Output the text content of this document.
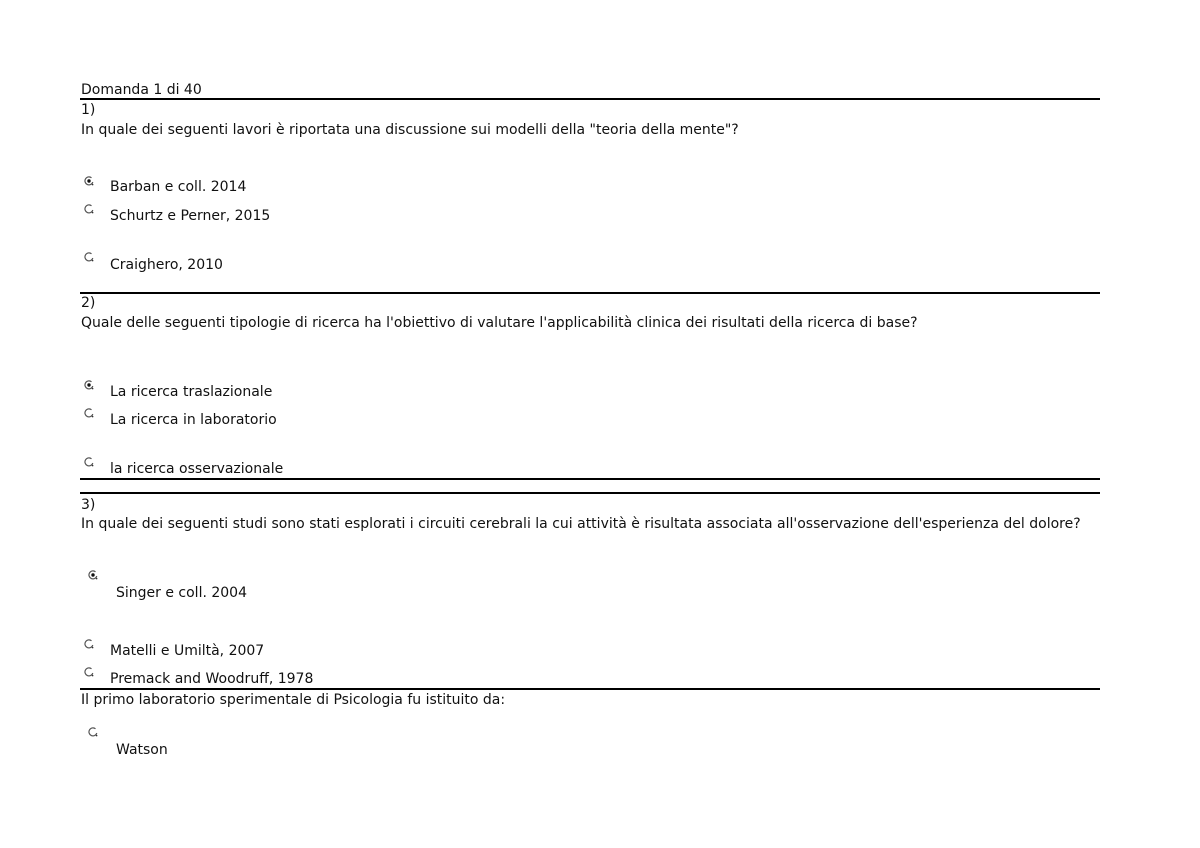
Domanda 1 di 40
1)
In quale dei seguenti lavori è riportata una discussione sui modelli della "teoria della mente"?
Barban e coll. 2014
Schurtz e Perner, 2015
Craighero, 2010
2)
Quale delle seguenti tipologie di ricerca ha l'obiettivo di valutare l'applicabilità clinica dei risultati della ricerca di base?
La ricerca traslazionale
La ricerca in laboratorio
la ricerca osservazionale
3)
In quale dei seguenti studi sono stati esplorati i circuiti cerebrali la cui attività è risultata associata all'osservazione dell'esperienza del dolore?
Singer e coll. 2004
Matelli e Umiltà, 2007
Premack and Woodruff, 1978
Il primo laboratorio sperimentale di Psicologia fu istituito da:
Watson
